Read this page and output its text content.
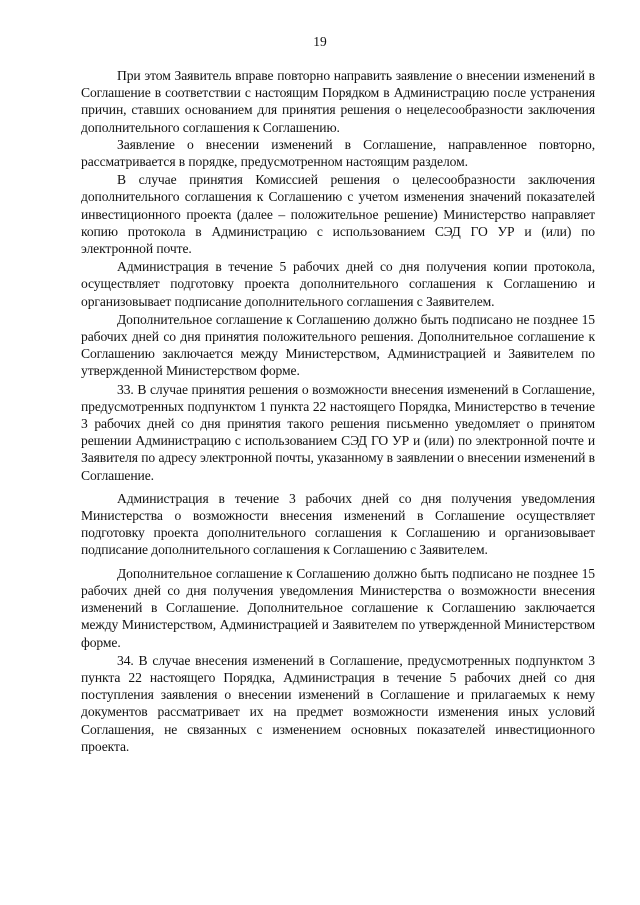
19

При этом Заявитель вправе повторно направить заявление о внесении изменений в Соглашение в соответствии с настоящим Порядком в Администрацию после устранения причин, ставших основанием для принятия решения о нецелесообразности заключения дополнительного соглашения к Соглашению.

Заявление о внесении изменений в Соглашение, направленное повторно, рассматривается в порядке, предусмотренном настоящим разделом.

В случае принятия Комиссией решения о целесообразности заключения дополнительного соглашения к Соглашению с учетом изменения значений показателей инвестиционного проекта (далее – положительное решение) Министерство направляет копию протокола в Администрацию с использованием СЭД ГО УР и (или) по электронной почте.

Администрация в течение 5 рабочих дней со дня получения копии протокола, осуществляет подготовку проекта дополнительного соглашения к Соглашению и организовывает подписание дополнительного соглашения с Заявителем.

Дополнительное соглашение к Соглашению должно быть подписано не позднее 15 рабочих дней со дня принятия положительного решения. Дополнительное соглашение к Соглашению заключается между Министерством, Администрацией и Заявителем по утвержденной Министерством форме.

33. В случае принятия решения о возможности внесения изменений в Соглашение, предусмотренных подпунктом 1 пункта 22 настоящего Порядка, Министерство в течение 3 рабочих дней со дня принятия такого решения письменно уведомляет о принятом решении Администрацию с использованием СЭД ГО УР и (или) по электронной почте и Заявителя по адресу электронной почты, указанному в заявлении о внесении изменений в Соглашение.

Администрация в течение 3 рабочих дней со дня получения уведомления Министерства о возможности внесения изменений в Соглашение осуществляет подготовку проекта дополнительного соглашения к Соглашению и организовывает подписание дополнительного соглашения к Соглашению с Заявителем.

Дополнительное соглашение к Соглашению должно быть подписано не позднее 15 рабочих дней со дня получения уведомления Министерства о возможности внесения изменений в Соглашение. Дополнительное соглашение к Соглашению заключается между Министерством, Администрацией и Заявителем по утвержденной Министерством форме.

34. В случае внесения изменений в Соглашение, предусмотренных подпунктом 3 пункта 22 настоящего Порядка, Администрация в течение 5 рабочих дней со дня поступления заявления о внесении изменений в Соглашение и прилагаемых к нему документов рассматривает их на предмет возможности изменения иных условий Соглашения, не связанных с изменением основных показателей инвестиционного проекта.
